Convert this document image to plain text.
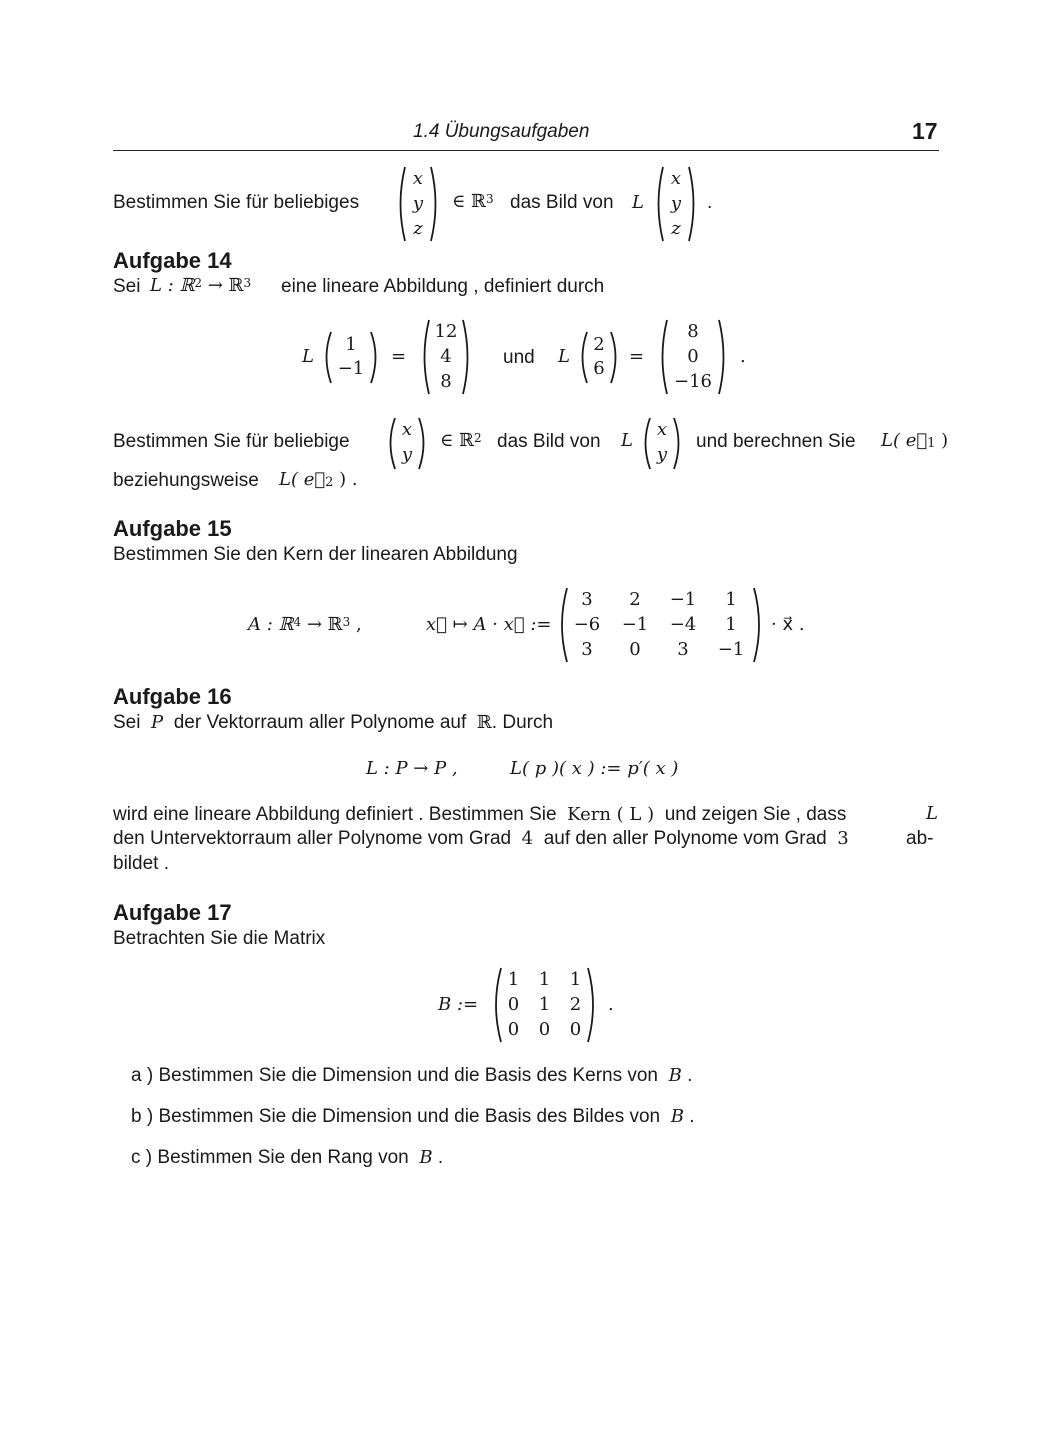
1.4 Übungsaufgaben	17
Bestimmen Sie für beliebiges
x
y
z
∈ ℝ$^3$ das Bild von L
x
y
z
.
Aufgabe 14
Sei L : ℝ$^2$ → ℝ$^3$ eine lineare Abbildung , definiert durch
L
1
−1
=
12
4
8
und L
2
6
=
8
0
−16
.
Bestimmen Sie für beliebige
x
y
∈ ℝ$^2$ das Bild von L
x
y
und berechnen Sie L( $e⃗_1$ )
beziehungsweise L( $e⃗_2$ ) .
Aufgabe 15
Bestimmen Sie den Kern der linearen Abbildung
A : ℝ$^4$ → ℝ$^3$ ,	x⃗ ↦ A · x⃗ :=
3	2	−1	1
−6	−1	−4	1
3	0	3	−1
· x⃗ .
Aufgabe 16
Sei P der Vektorraum aller Polynome auf ℝ. Durch
L : P → P ,	L( p )( x ) := p′( x )
wird eine lineare Abbildung definiert . Bestimmen Sie Kern ( L ) und zeigen Sie , dass	L
den Untervektorraum aller Polynome vom Grad 4 auf den aller Polynome vom Grad 3	ab-
bildet .
Aufgabe 17
Betrachten Sie die Matrix
B :=
1	1	1
0	1	2
0	0	0
.
a ) Bestimmen Sie die Dimension und die Basis des Kerns von B .
b ) Bestimmen Sie die Dimension und die Basis des Bildes von B .
c ) Bestimmen Sie den Rang von B .
